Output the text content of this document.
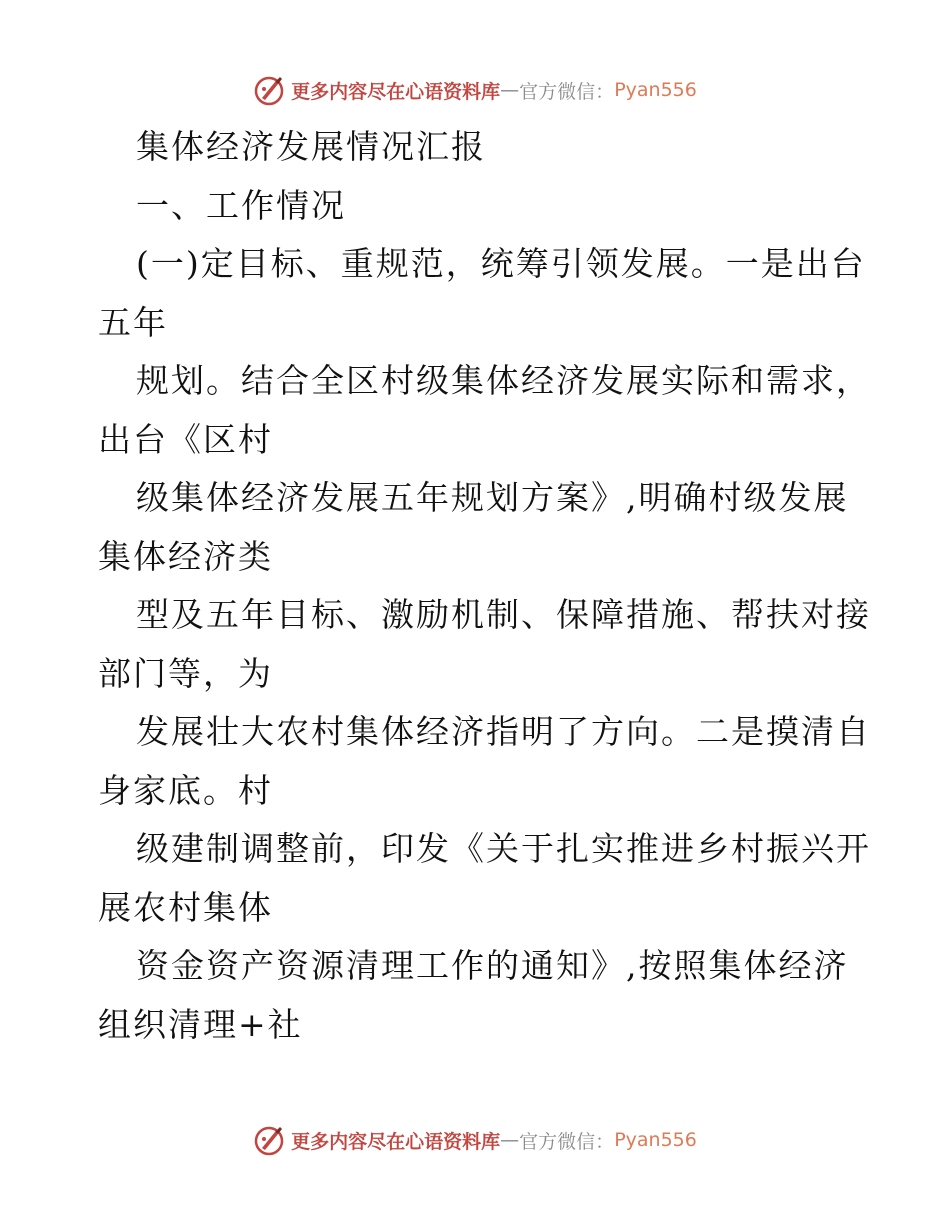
更多内容尽在心语资料库 — 官方微信： Pyan556
集体经济发展情况汇报
一、工作情况
(一)定目标、重规范，统筹引领发展。一是出台
五年
规划。结合全区村级集体经济发展实际和需求，
出台《区村
级集体经济发展五年规划方案》,明确村级发展
集体经济类
型及五年目标、激励机制、保障措施、帮扶对接
部门等，为
发展壮大农村集体经济指明了方向。二是摸清自
身家底。村
级建制调整前，印发《关于扎实推进乡村振兴开
展农村集体
资金资产资源清理工作的通知》,按照集体经济
组织清理+社
更多内容尽在心语资料库 — 官方微信： Pyan556
